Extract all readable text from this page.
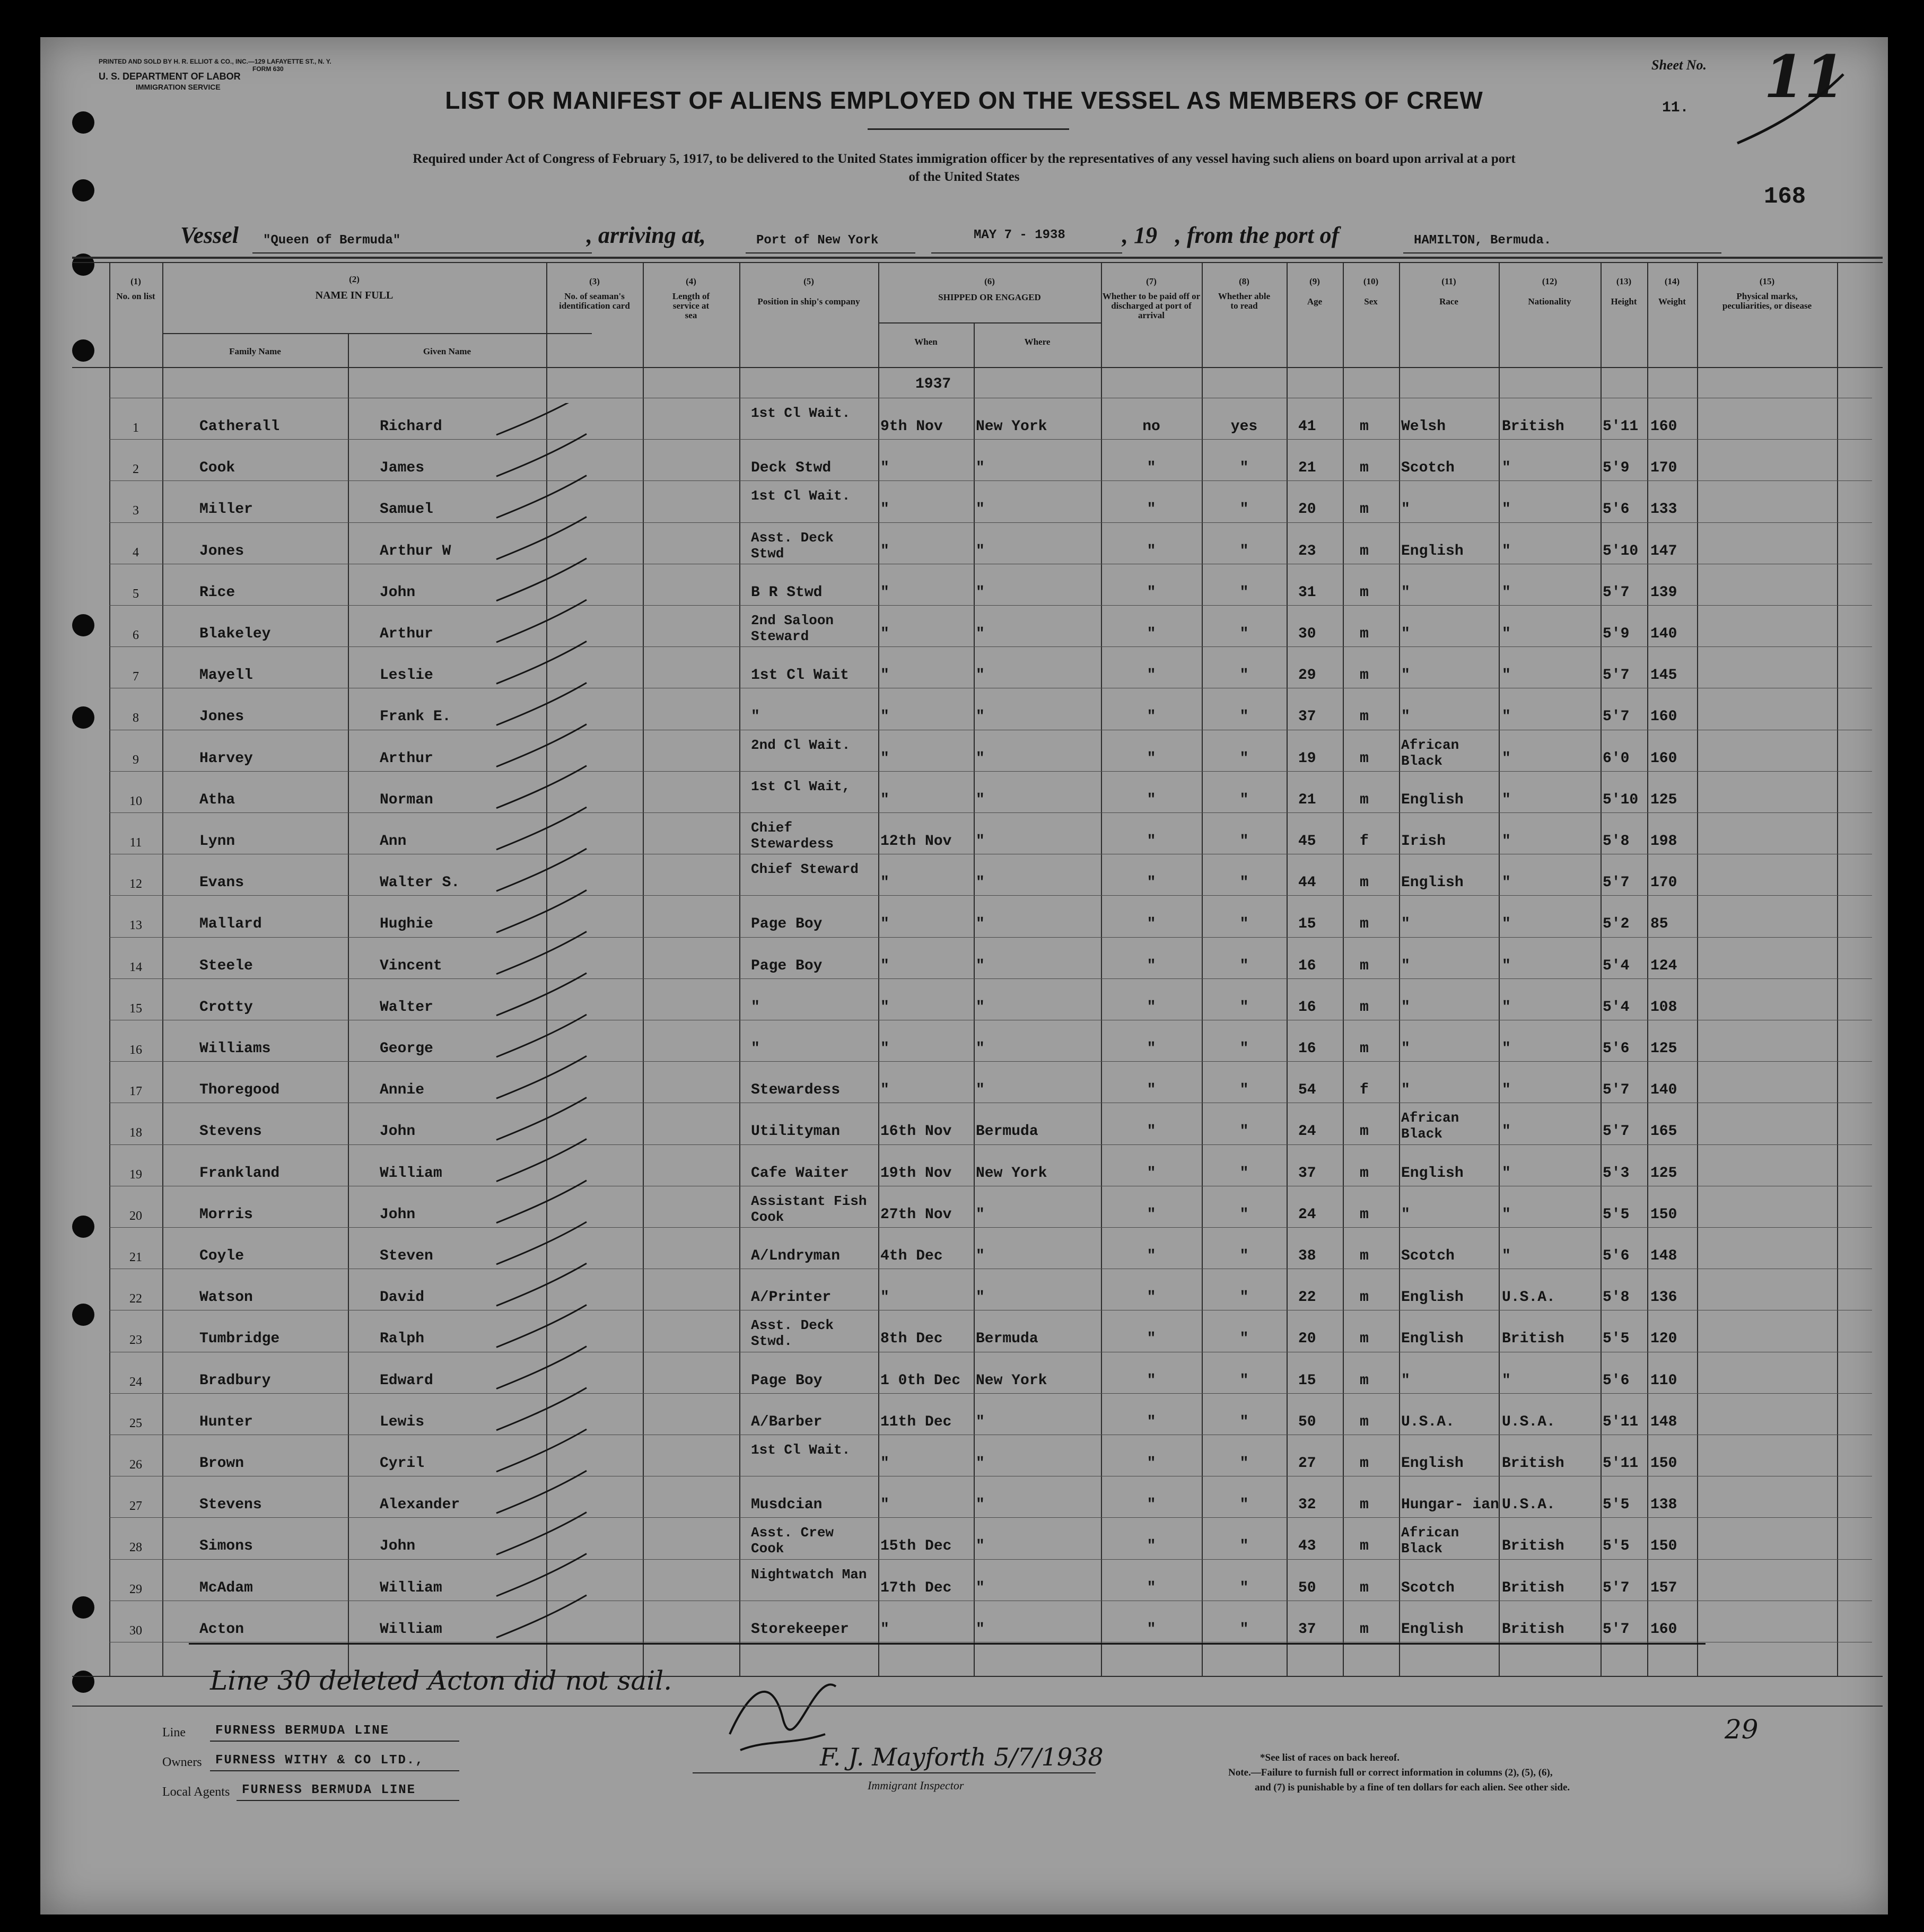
PRINTED AND SOLD BY H. R. ELLIOT & CO., INC.—129 LAFAYETTE ST., N. Y.
U. S. DEPARTMENT OF LABOR
IMMIGRATION SERVICE
FORM 630	Sheet No. 11
11.
168
LIST OR MANIFEST OF ALIENS EMPLOYED ON THE VESSEL AS MEMBERS OF CREW
Required under Act of Congress of February 5, 1917, to be delivered to the United States immigration officer by the representatives of any vessel having such aliens on board upon arrival at a port
of the United States
Vessel "Queen of Bermuda"	, arriving at,	Port of New York	MAY 7 - 1938 , 19 , from the port of	HAMILTON, Bermuda.
(1)
No. on list
(2)
NAME IN FULL
Family Name	Given Name
(3)
No. of seaman's identification card
(4)
Length of service at sea
(5)
Position in ship's company
(6)
SHIPPED OR ENGAGED
When	Where
(7)
Whether to be paid off or discharged at port of arrival
(8)
Whether able to read
(9)
Age
(10)
Sex
(11)
Race
(12)
Nationality
(13)
Height
(14)
Weight
(15)
Physical marks, peculiarities, or disease
1937
1	Catherall	Richard
1st Cl Wait.
9th Nov New York	no	yes	41	m Welsh	British	5'11 160
2	Cook	James	Deck Stwd	"	"	"	"	21	m Scotch	"	5'9 170
3	Miller	Samuel
1st Cl Wait.
"	"	"	"	20	m "	"	5'6 133
4	Jones	Arthur W
Asst. Deck Stwd	"	"	"	"	23	m English	"	5'10 147
5	Rice	John	B R Stwd	"	"	"	"	31	m "	"	5'7 139
6	Blakeley	Arthur
2nd Saloon Steward	"	"	"	"	30	m "	"	5'9 140
7	Mayell	Leslie	1st Cl Wait "	"	"	"	29	m "	"	5'7 145
8	Jones	Frank E.	"	"	"	"	"	37	m "	"	5'7 160
9	Harvey	Arthur
2nd Cl Wait.
"	"	"	"	19	m
African Black	"	6'0 160
10	Atha	Norman
1st Cl Wait,
"	"	"	"	21	m English	"	5'10 125
11	Lynn	Ann
Chief Stewardess	12th Nov "	"	"	45	f Irish	"	5'8 198
12	Evans	Walter S.
Chief Steward
"	"	"	"	44	m English	"	5'7 170
13	Mallard	Hughie	Page Boy	"	"	"	"	15	m "	"	5'2 85
14	Steele	Vincent	Page Boy	"	"	"	"	16	m "	"	5'4 124
15	Crotty	Walter	"	"	"	"	"	16	m "	"	5'4 108
16	Williams	George	"	"	"	"	"	16	m "	"	5'6 125
17	Thoregood	Annie	Stewardess	"	"	"	"	54	f "	"	5'7 140
18	Stevens	John	Utilityman	16th Nov Bermuda	"	"	24	m
African Black	"	5'7 165
19	Frankland	William	Cafe Waiter 19th Nov New York	"	"	37	m English	"	5'3 125
20	Morris	John
Assistant Fish Cook	27th Nov "	"	"	24	m "	"	5'5 150
21	Coyle	Steven	A/Lndryman	4th Dec "	"	"	38	m Scotch	"	5'6 148
22	Watson	David	A/Printer	"	"	"	"	22	m English	U.S.A.	5'8 136
23	Tumbridge	Ralph
Asst. Deck Stwd.	8th Dec Bermuda	"	"	20	m English	British	5'5 120
24	Bradbury	Edward	Page Boy	1 0th Dec New York	"	"	15	m "	"	5'6 110
25	Hunter	Lewis	A/Barber	11th Dec "	"	"	50	m U.S.A.	U.S.A.	5'11 148
26	Brown	Cyril
1st Cl Wait.
"	"	"	"	27	m English	British	5'11 150
27	Stevens	Alexander	Musdcian	"	"	"	"	32	m Hungar- ian U.S.A.	5'5 138
28	Simons	John
Asst. Crew Cook	15th Dec "	"	"	43	m
African Black	British	5'5 150
29	McAdam	William
Nightwatch Man
17th Dec "	"	"	50	m Scotch	British	5'7 157
30	Acton	William	Storekeeper "	"	"	"	37	m English	British	5'7 160
Line 30 deleted Acton did not sail.
Line FURNESS BERMUDA LINE
Owners FURNESS WITHY & CO LTD.,
Local Agents FURNESS BERMUDA LINE
F. J. Mayforth 5/7/1938
Immigrant Inspector
*See list of races on back hereof.
Note.—Failure to furnish full or correct information in columns (2), (5), (6),
and (7) is punishable by a fine of ten dollars for each alien. See other side.
29
